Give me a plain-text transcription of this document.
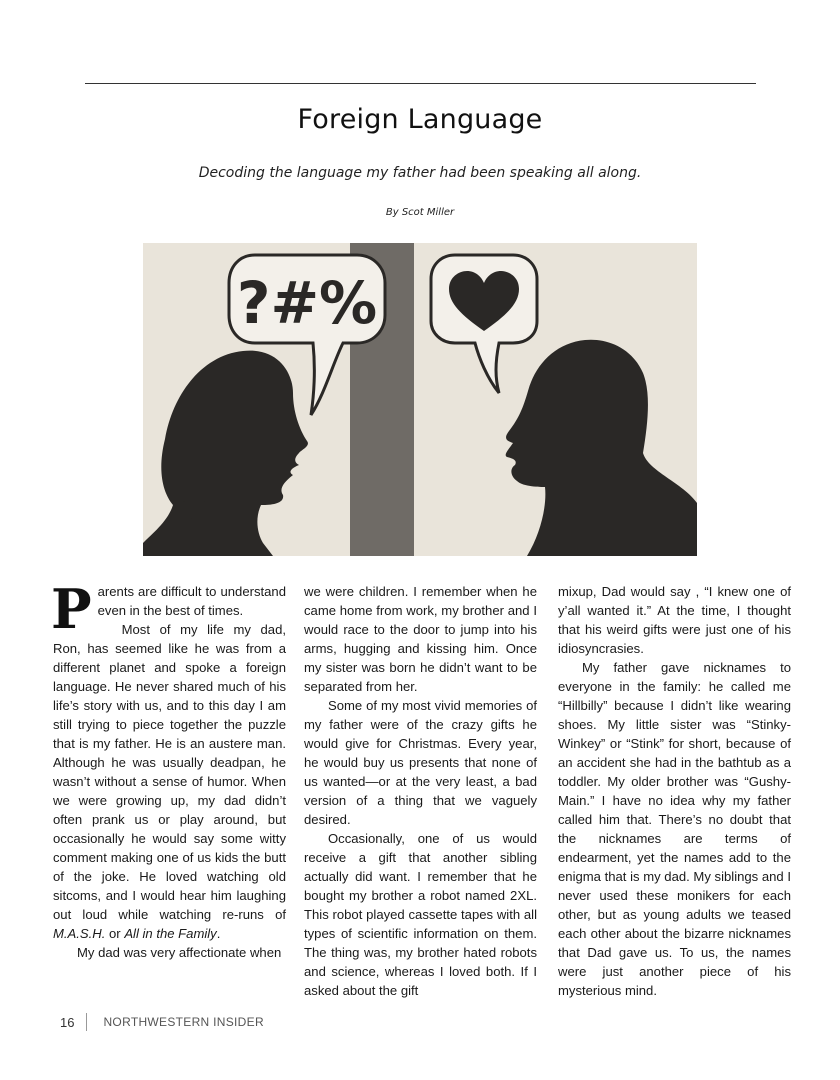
Foreign Language
Decoding the language my father had been speaking all along.
By Scot Miller
?#%

Parents are difficult to understand even in the best of times.

Most of my life my dad, Ron, has seemed like he was from a different planet and spoke a foreign language. He never shared much of his life’s story with us, and to this day I am still trying to piece together the puzzle that is my father. He is an austere man. Although he was usually deadpan, he wasn’t without a sense of humor. When we were growing up, my dad didn’t often prank us or play around, but occasionally he would say some witty comment making one of us kids the butt of the joke. He loved watching old sitcoms, and I would hear him laughing out loud while watching re-runs of M.A.S.H. or All in the Family.

My dad was very affectionate when

we were children. I remember when he came home from work, my brother and I would race to the door to jump into his arms, hugging and kissing him. Once my sister was born he didn’t want to be separated from her.

Some of my most vivid memories of my father were of the crazy gifts he would give for Christmas. Every year, he would buy us presents that none of us wanted—or at the very least, a bad version of a thing that we vaguely desired.

Occasionally, one of us would receive a gift that another sibling actually did want. I remember that he bought my brother a robot named 2XL. This robot played cassette tapes with all types of scientific information on them. The thing was, my brother hated robots and science, whereas I loved both. If I asked about the gift

mixup, Dad would say , “I knew one of y’all wanted it.” At the time, I thought that his weird gifts were just one of his idiosyncrasies.

My father gave nicknames to everyone in the family: he called me “Hillbilly” because I didn’t like wearing shoes. My little sister was “Stinky-Winkey” or “Stink” for short, because of an accident she had in the bathtub as a toddler. My older brother was “Gushy-Main.” I have no idea why my father called him that. There’s no doubt that the nicknames are terms of endearment, yet the names add to the enigma that is my dad. My siblings and I never used these monikers for each other, but as young adults we teased each other about the bizarre nicknames that Dad gave us. To us, the names were just another piece of his mysterious mind.

16 NORTHWESTERN INSIDER
